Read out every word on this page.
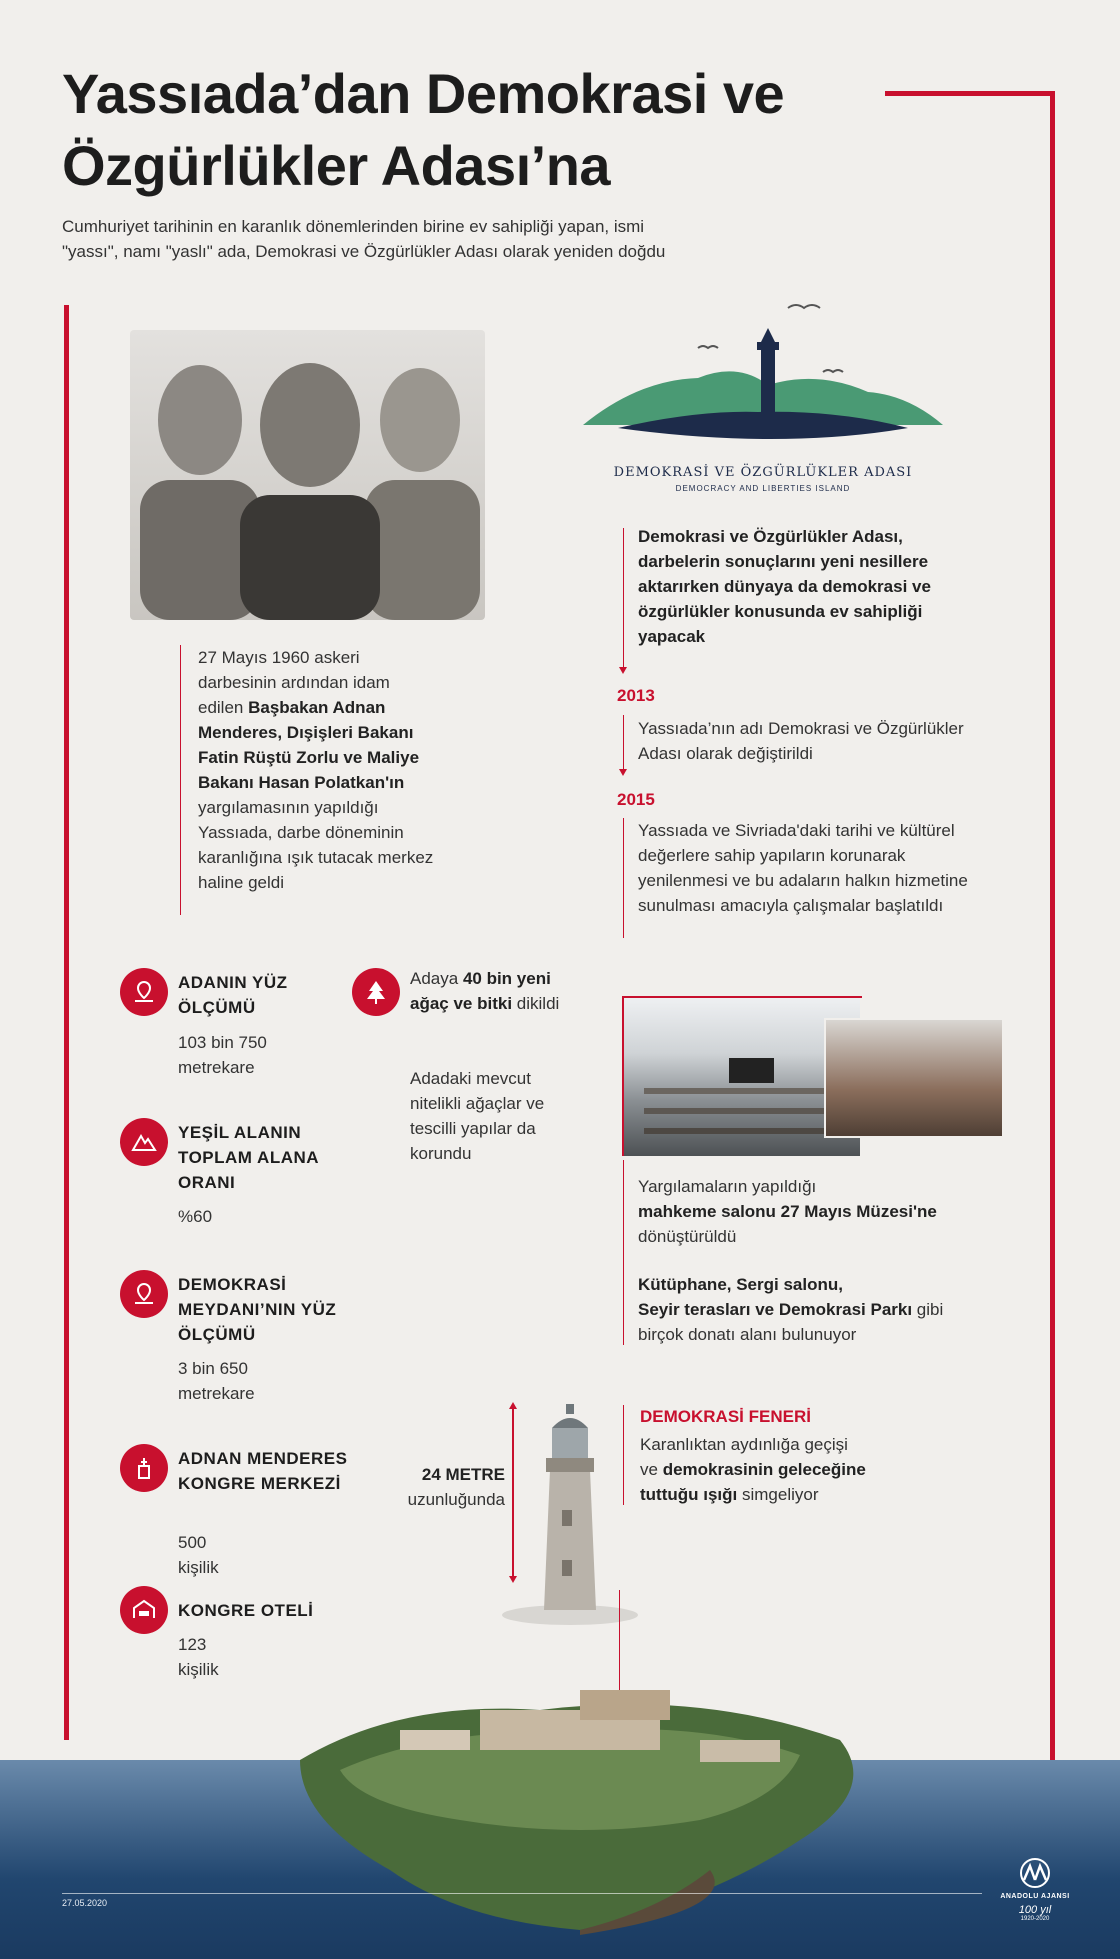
Yassıada’dan Demokrasi ve
Özgürlükler Adası’na
Cumhuriyet tarihinin en karanlık dönemlerinden birine ev sahipliği yapan, ismi "yassı", namı "yaslı" ada, Demokrasi ve Özgürlükler Adası olarak yeniden doğdu
DEMOKRASİ VE ÖZGÜRLÜKLER ADASI
DEMOCRACY AND LIBERTIES ISLAND
27 Mayıs 1960 askeri darbesinin ardından idam edilen Başbakan Adnan Menderes, Dışişleri Bakanı Fatin Rüştü Zorlu ve Maliye Bakanı Hasan Polatkan'ın yargılamasının yapıldığı Yassıada, darbe döneminin karanlığına ışık tutacak merkez haline geldi
Demokrasi ve Özgürlükler Adası, darbelerin sonuçlarını yeni nesillere aktarırken dünyaya da demokrasi ve özgürlükler konusunda ev sahipliği yapacak
2013
Yassıada’nın adı Demokrasi ve Özgürlükler Adası olarak değiştirildi
2015
Yassıada ve Sivriada'daki tarihi ve kültürel değerlere sahip yapıların korunarak yenilenmesi ve bu adaların halkın hizmetine sunulması amacıyla çalışmalar başlatıldı
ADANIN YÜZ ÖLÇÜMÜ
103 bin 750 metrekare
YEŞİL ALANIN TOPLAM ALANA ORANI
%60
DEMOKRASİ MEYDANI’NIN YÜZ ÖLÇÜMÜ
3 bin 650 metrekare
ADNAN MENDERES KONGRE MERKEZİ
500 kişilik
KONGRE OTELİ
123 kişilik
Adaya 40 bin yeni ağaç ve bitki dikildi
Adadaki mevcut nitelikli ağaçlar ve tescilli yapılar da korundu
Yargılamaların yapıldığı
mahkeme salonu 27 Mayıs Müzesi'ne
dönüştürüldü
Kütüphane, Sergi salonu,
Seyir terasları ve Demokrasi Parkı gibi birçok donatı alanı bulunuyor
24 METRE
uzunluğunda
DEMOKRASİ FENERİ
Karanlıktan aydınlığa geçişi ve demokrasinin geleceğine tuttuğu ışığı simgeliyor
27.05.2020
ANADOLU AJANSI
100 yıl
1920-2020
